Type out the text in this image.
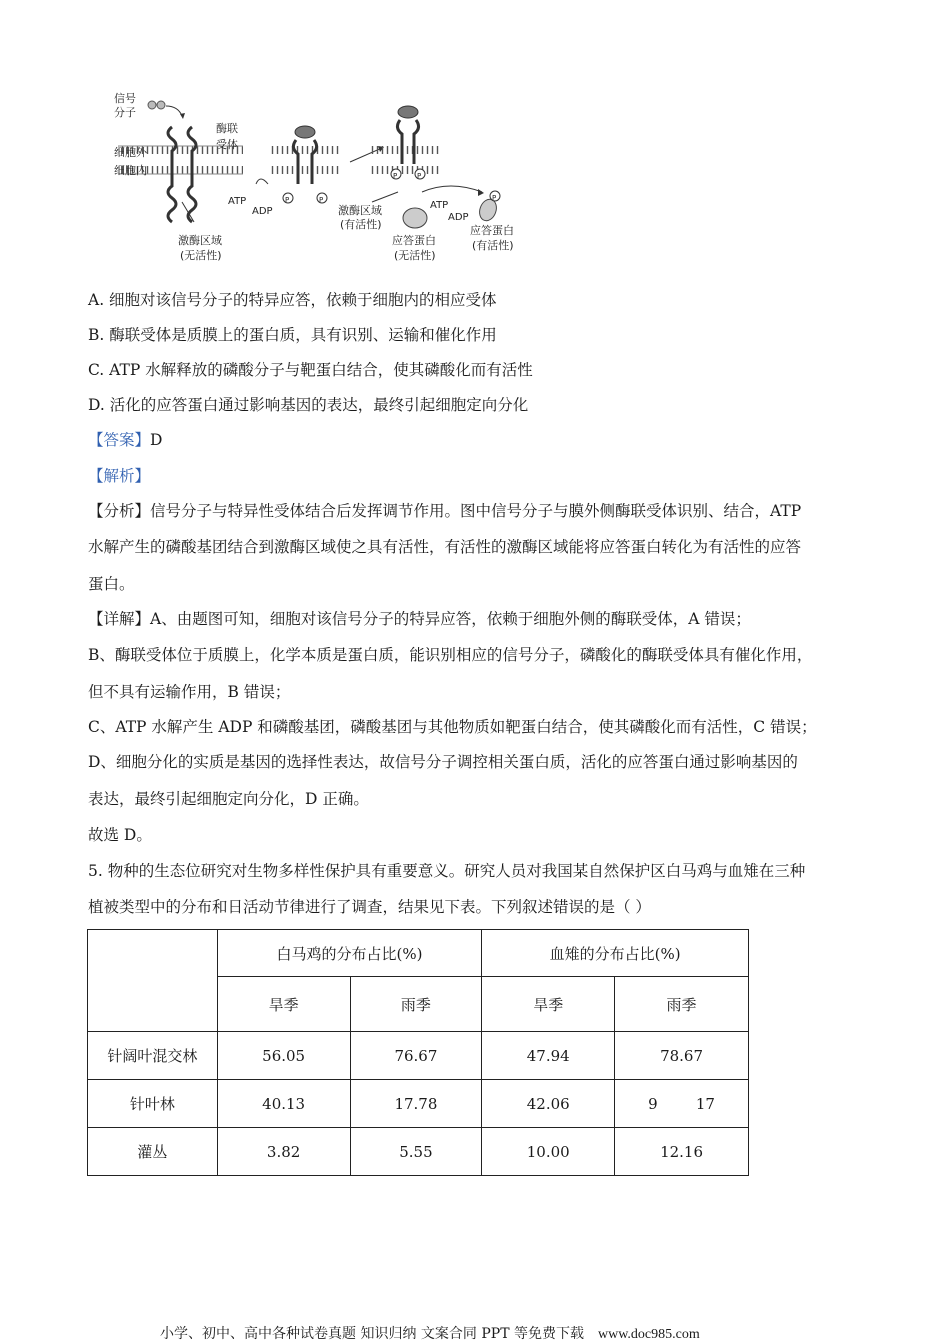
信号
分子
酶联
受体
细胞外
细胞内
激酶区域
(无活性)
ATP
ADP
P	P
P	P
激酶区域
(有活性)
P
ATP
ADP
应答蛋白
(无活性)
应答蛋白
(有活性)
A. 细胞对该信号分子的特异应答，依赖于细胞内的相应受体
B. 酶联受体是质膜上的蛋白质，具有识别、运输和催化作用
C. ATP 水解释放的磷酸分子与靶蛋白结合，使其磷酸化而有活性
D. 活化的应答蛋白通过影响基因的表达，最终引起细胞定向分化
【答案】D
【解析】
【分析】信号分子与特异性受体结合后发挥调节作用。图中信号分子与膜外侧酶联受体识别、结合，ATP
水解产生的磷酸基团结合到激酶区域使之具有活性，有活性的激酶区域能将应答蛋白转化为有活性的应答
蛋白。
【详解】A、由题图可知，细胞对该信号分子的特异应答，依赖于细胞外侧的酶联受体，A 错误；
B、酶联受体位于质膜上，化学本质是蛋白质，能识别相应的信号分子，磷酸化的酶联受体具有催化作用，
但不具有运输作用，B 错误；
C、ATP 水解产生 ADP 和磷酸基团，磷酸基团与其他物质如靶蛋白结合，使其磷酸化而有活性，C 错误；
D、细胞分化的实质是基因的选择性表达，故信号分子调控相关蛋白质，活化的应答蛋白通过影响基因的
表达，最终引起细胞定向分化，D 正确。
故选 D。
5. 物种的生态位研究对生物多样性保护具有重要意义。研究人员对我国某自然保护区白马鸡与血雉在三种
植被类型中的分布和日活动节律进行了调查，结果见下表。下列叙述错误的是（ ）
	白马鸡的分布占比(%)		血雉的分布占比(%)	
	旱季	雨季	旱季	雨季
针阔叶混交林	56.05	76.67	47.94	78.67
针叶林	40.13	17.78	42.06	9        17
灌丛	3.82	5.55	10.00	12.16
小学、初中、高中各种试卷真题 知识归纳 文案合同 PPT 等免费下载 www.doc985.com
